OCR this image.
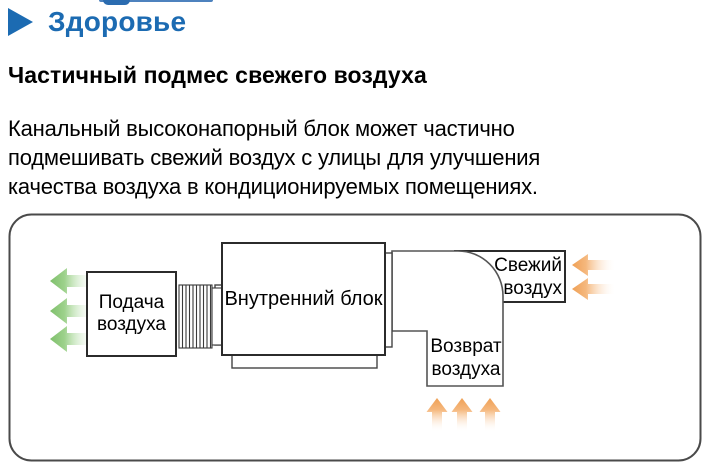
Здоровье
Частичный подмес свежего воздуха
Канальный высоконапорный блок может частично
подмешивать свежий воздух с улицы для улучшения
качества воздуха в кондиционируемых помещениях.
Подача воздуха
Внутренний блок
Свежий воздух
Возврат воздуха
